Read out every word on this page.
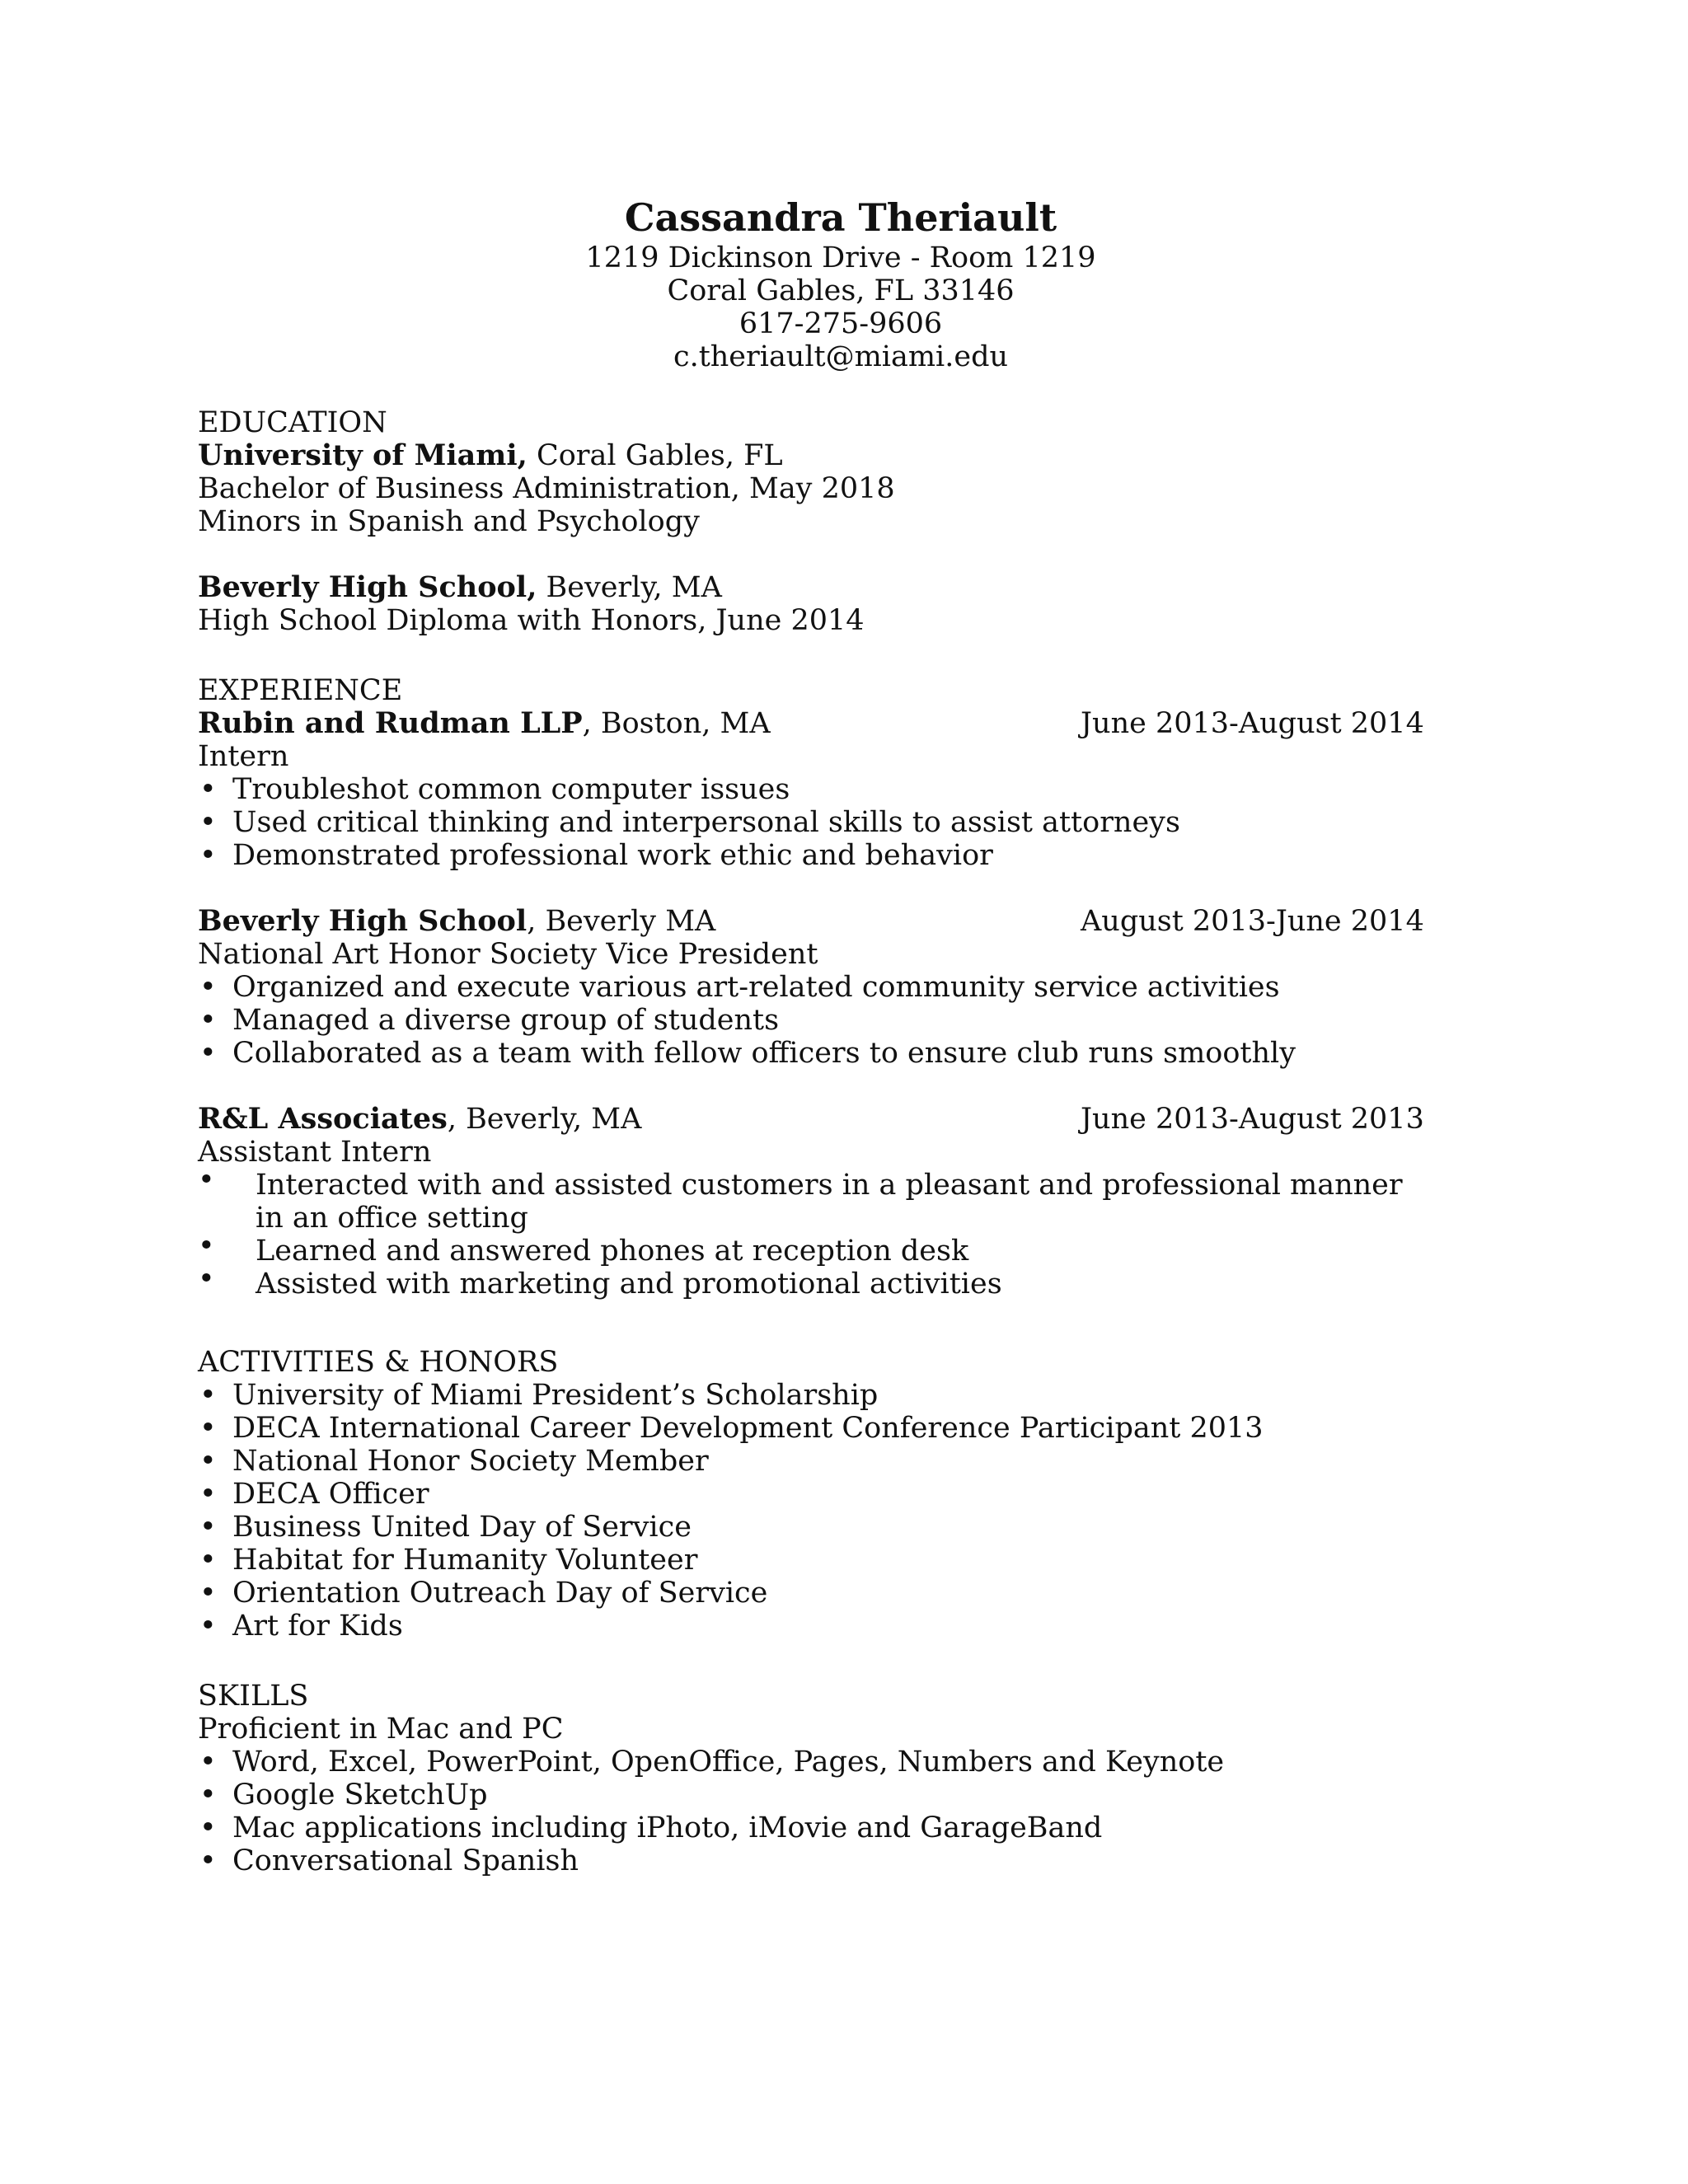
Cassandra Theriault
1219 Dickinson Drive - Room 1219
Coral Gables, FL 33146
617-275-9606
c.theriault@miami.edu
EDUCATION
University of Miami, Coral Gables, FL
Bachelor of Business Administration, May 2018
Minors in Spanish and Psychology
Beverly High School, Beverly, MA
High School Diploma with Honors, June 2014
EXPERIENCE
Rubin and Rudman LLP, Boston, MA	June 2013-August 2014
Intern
• Troubleshot common computer issues
• Used critical thinking and interpersonal skills to assist attorneys
• Demonstrated professional work ethic and behavior
Beverly High School, Beverly MA	August 2013-June 2014
National Art Honor Society Vice President
• Organized and execute various art-related community service activities
• Managed a diverse group of students
• Collaborated as a team with fellow officers to ensure club runs smoothly
R&L Associates, Beverly, MA	June 2013-August 2013
Assistant Intern
• Interacted with and assisted customers in a pleasant and professional manner in an office setting
• Learned and answered phones at reception desk
• Assisted with marketing and promotional activities
ACTIVITIES & HONORS
• University of Miami President’s Scholarship
• DECA International Career Development Conference Participant 2013
• National Honor Society Member
• DECA Officer
• Business United Day of Service
• Habitat for Humanity Volunteer
• Orientation Outreach Day of Service
• Art for Kids
SKILLS
Proficient in Mac and PC
• Word, Excel, PowerPoint, OpenOffice, Pages, Numbers and Keynote
• Google SketchUp
• Mac applications including iPhoto, iMovie and GarageBand
• Conversational Spanish
